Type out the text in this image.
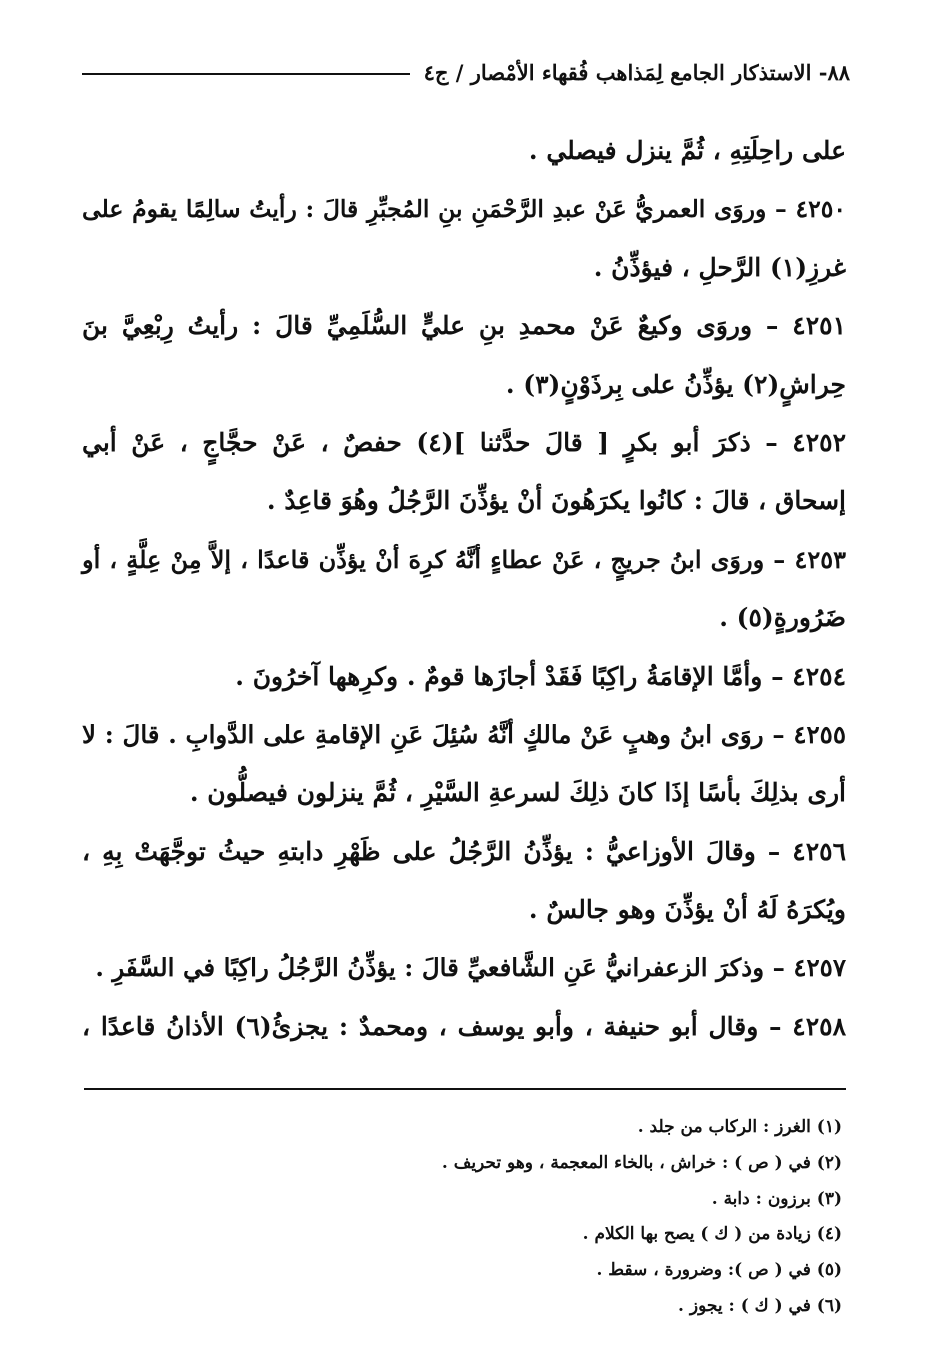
٨٨- الاستذكار الجامع لِمَذاهب فُقهاء الأمْصار / ج٤
على راحِلَتِهِ ، ثُمَّ ينزل فيصلي .
٤٢٥٠ – وروَى العمريُّ عَنْ عبدِ الرَّحْمَنِ بنِ المُجبِّرِ قالَ : رأيتُ سالِمًا يقومُ على
غرزِ(١) الرَّحلِ ، فيؤذِّنُ .
٤٢٥١ – وروَى وكيعٌ عَنْ محمدِ بنِ عليٍّ السُّلَمِيِّ قالَ : رأيتُ رِبْعِيَّ بنَ
حِراشٍ(٢) يؤذِّنُ على بِرذَوْنٍ(٣) .
٤٢٥٢ – ذكرَ أبو بكرٍ [ قالَ حدَّثنا ](٤) حفصٌ ، عَنْ حجَّاجٍ ، عَنْ أبي
إسحاق ، قالَ : كانُوا يكرَهُونَ أنْ يؤذِّنَ الرَّجُلُ وهُوَ قاعِدٌ .
٤٢٥٣ – وروَى ابنُ جريجٍ ، عَنْ عطاءٍ أنَّهُ كرِهَ أنْ يؤذِّن قاعدًا ، إلاَّ مِنْ عِلَّةٍ ، أو
ضَرُورةٍ(٥) .
٤٢٥٤ – وأمَّا الإقامَةُ راكِبًا فَقَدْ أجازَها قومٌ . وكرِهها آخرُونَ .
٤٢٥٥ – روَى ابنُ وهبٍ عَنْ مالكٍ أنَّهُ سُئِلَ عَنِ الإقامةِ على الدَّوابِ . قالَ : لا
أرى بذلِكَ بأسًا إذَا كانَ ذلِكَ لسرعةِ السَّيْرِ ، ثُمَّ ينزلون فيصلُّون .
٤٢٥٦ – وقالَ الأوزاعيُّ : يؤذِّنُ الرَّجُلُ على ظَهْرِ دابتهِ حيثُ توجَّهَتْ بِهِ ،
ويُكرَهُ لَهُ أنْ يؤذِّنَ وهو جالسٌ .
٤٢٥٧ – وذكرَ الزعفرانيُّ عَنِ الشَّافعيِّ قالَ : يؤذِّنُ الرَّجُلُ راكِبًا في السَّفَرِ .
٤٢٥٨ – وقال أبو حنيفة ، وأبو يوسف ، ومحمدٌ : يجزئُ(٦) الأذانُ قاعدًا ،
(١) الغرز : الركاب من جلد .
(٢) في ( ص ) : خراش ، بالخاء المعجمة ، وهو تحريف .
(٣) برزون : دابة .
(٤) زيادة من ( ك ) يصح بها الكلام .
(٥) في ( ص ): وضرورة ، سقط .
(٦) في ( ك ) : يجوز .
